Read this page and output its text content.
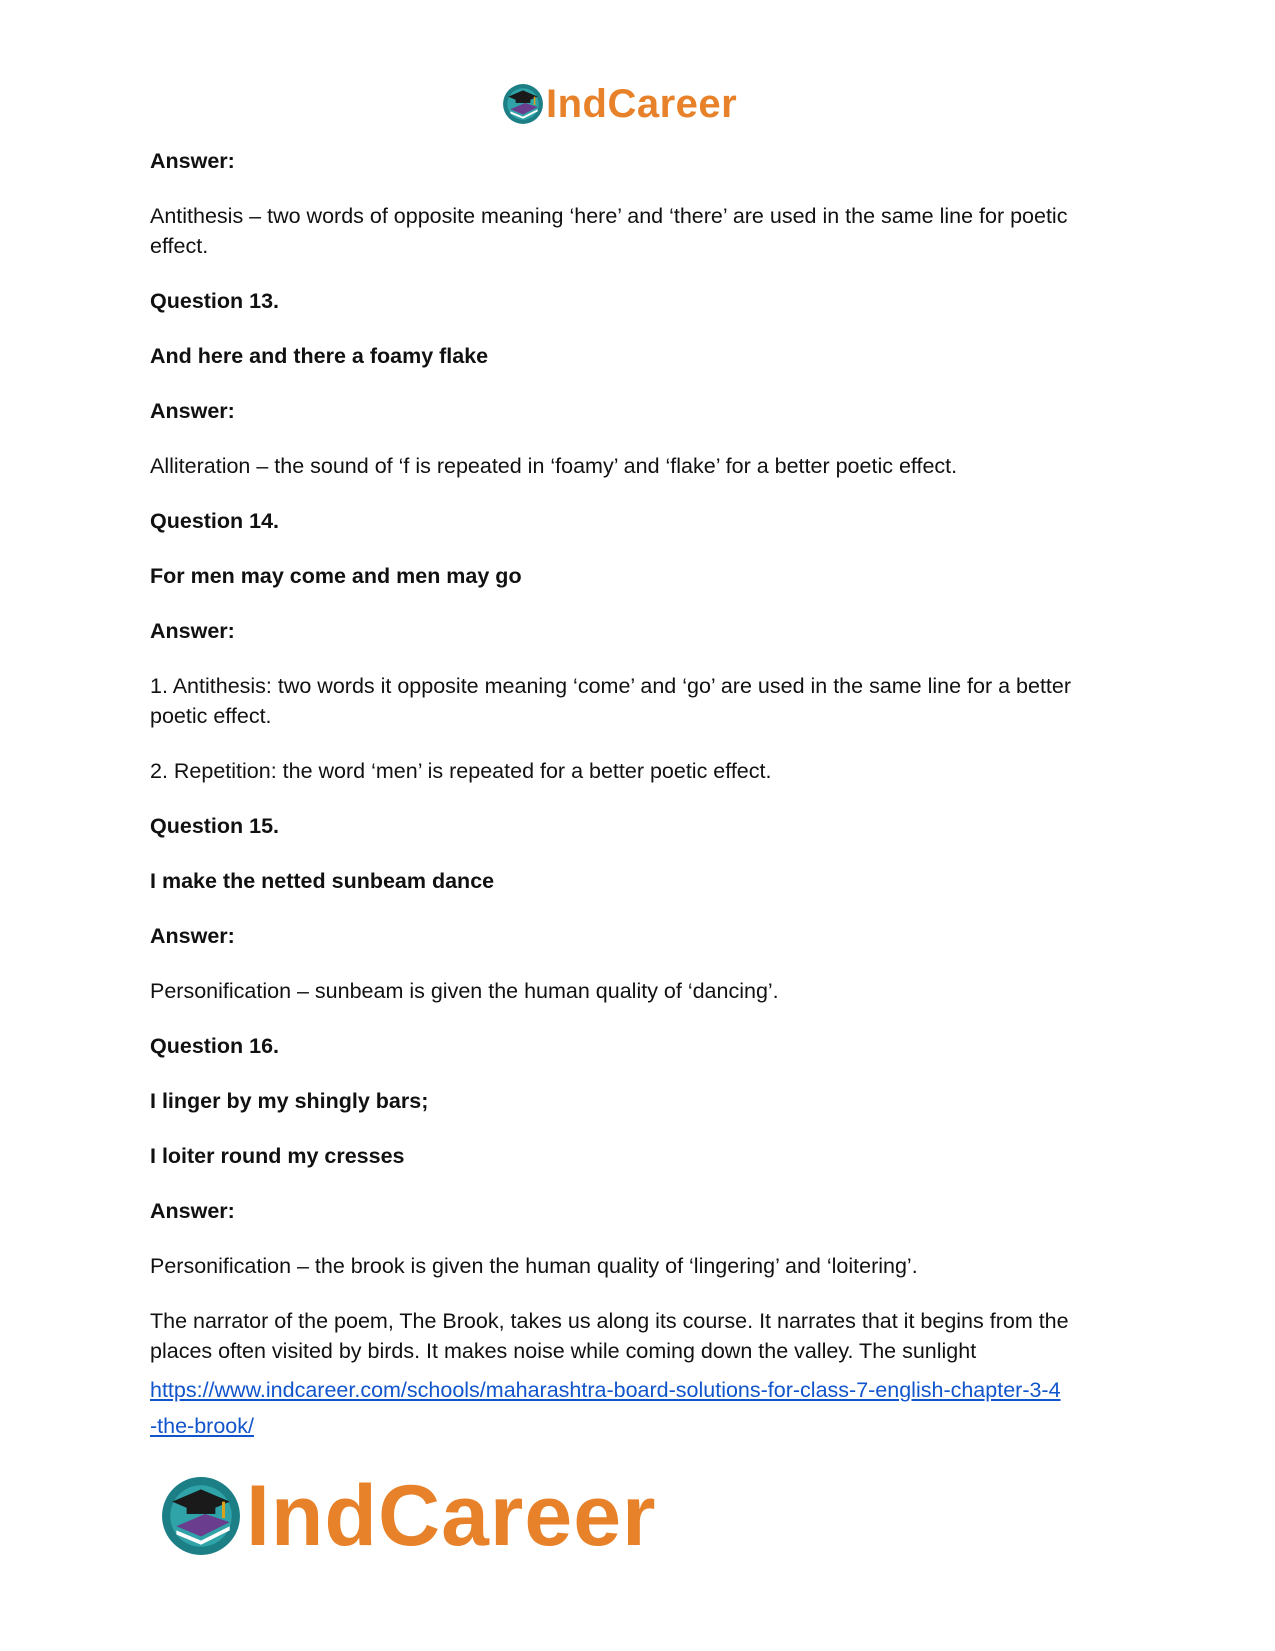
IndCareer

Answer:

Antithesis – two words of opposite meaning ‘here’ and ‘there’ are used in the same line for poetic effect.

Question 13.

And here and there a foamy flake

Answer:

Alliteration – the sound of ‘f is repeated in ‘foamy’ and ‘flake’ for a better poetic effect.

Question 14.

For men may come and men may go

Answer:

1. Antithesis: two words it opposite meaning ‘come’ and ‘go’ are used in the same line for a better poetic effect.

2. Repetition: the word ‘men’ is repeated for a better poetic effect.

Question 15.

I make the netted sunbeam dance

Answer:

Personification – sunbeam is given the human quality of ‘dancing’.

Question 16.

I linger by my shingly bars;

I loiter round my cresses

Answer:

Personification – the brook is given the human quality of ‘lingering’ and ‘loitering’.

The narrator of the poem, The Brook, takes us along its course. It narrates that it begins from the places often visited by birds. It makes noise while coming down the valley. The sunlight

https://www.indcareer.com/schools/maharashtra-board-solutions-for-class-7-english-chapter-3-4
-the-brook/

IndCareer
